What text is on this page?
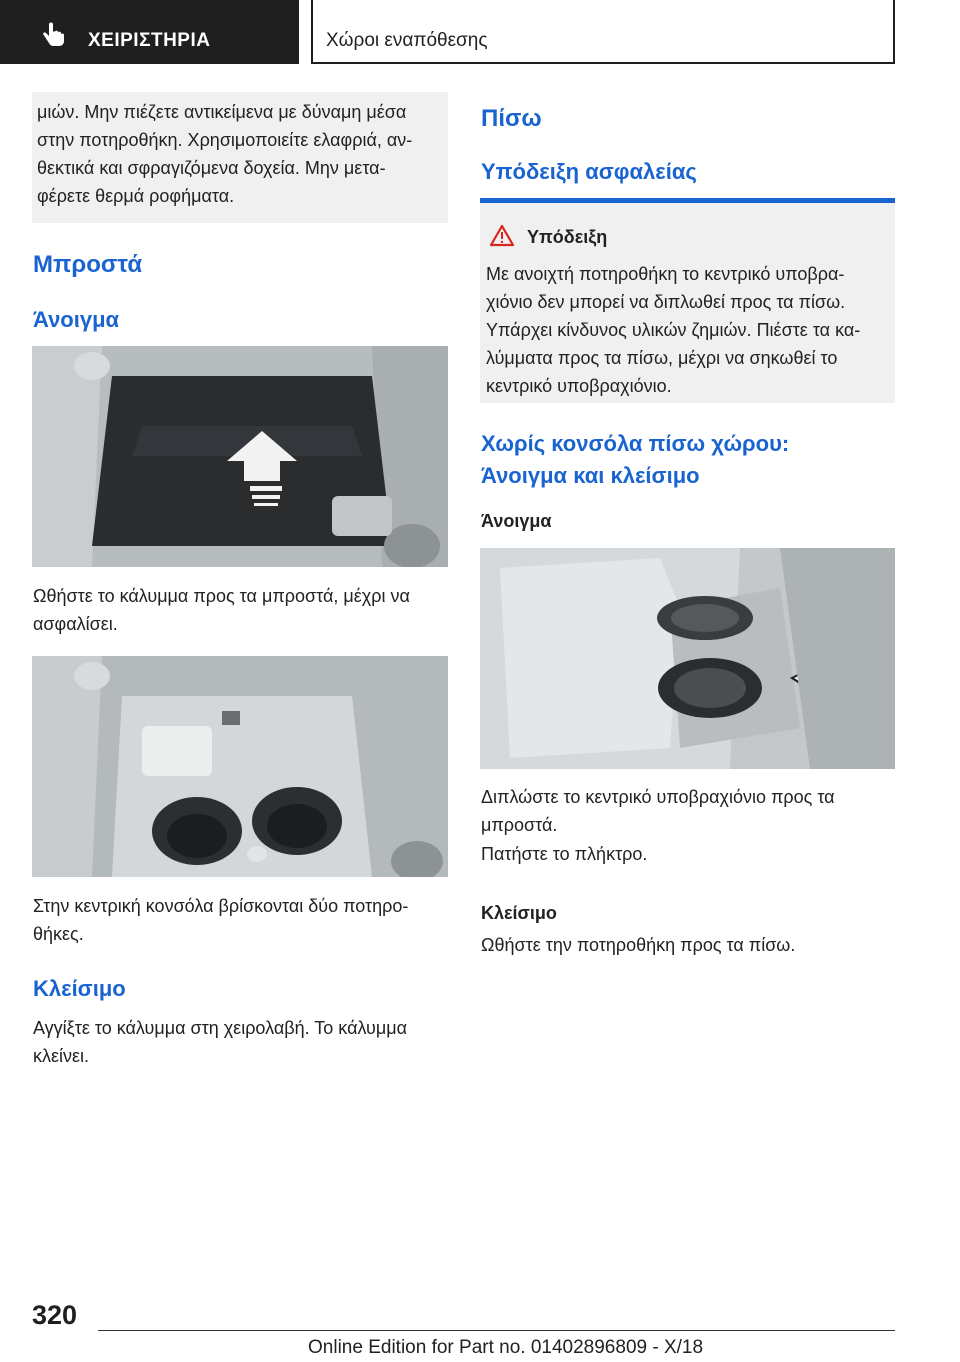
ΧΕΙΡΙΣΤΗΡΙΑ	Χώροι εναπόθεσης
μιών. Μην πιέζετε αντικείμενα με δύναμη μέσα
στην ποτηροθήκη. Χρησιμοποιείτε ελαφριά, αν-
θεκτικά και σφραγιζόμενα δοχεία. Μην μετα-
φέρετε θερμά ροφήματα.
Μπροστά
Άνοιγμα
Ωθήστε το κάλυμμα προς τα μπροστά, μέχρι να
ασφαλίσει.
Στην κεντρική κονσόλα βρίσκονται δύο ποτηρο-
θήκες.
Κλείσιμο
Αγγίξτε το κάλυμμα στη χειρολαβή. Το κάλυμμα
κλείνει.
Πίσω
Υπόδειξη ασφαλείας
Υπόδειξη
Με ανοιχτή ποτηροθήκη το κεντρικό υποβρα-
χιόνιο δεν μπορεί να διπλωθεί προς τα πίσω.
Υπάρχει κίνδυνος υλικών ζημιών. Πιέστε τα κα-
λύμματα προς τα πίσω, μέχρι να σηκωθεί το
κεντρικό υποβραχιόνιο.
Χωρίς κονσόλα πίσω χώρου:
Άνοιγμα και κλείσιμο
Άνοιγμα
Διπλώστε το κεντρικό υποβραχιόνιο προς τα
μπροστά.
Πατήστε το πλήκτρο.
Κλείσιμο
Ωθήστε την ποτηροθήκη προς τα πίσω.
320
Online Edition for Part no. 01402896809 - X/18
